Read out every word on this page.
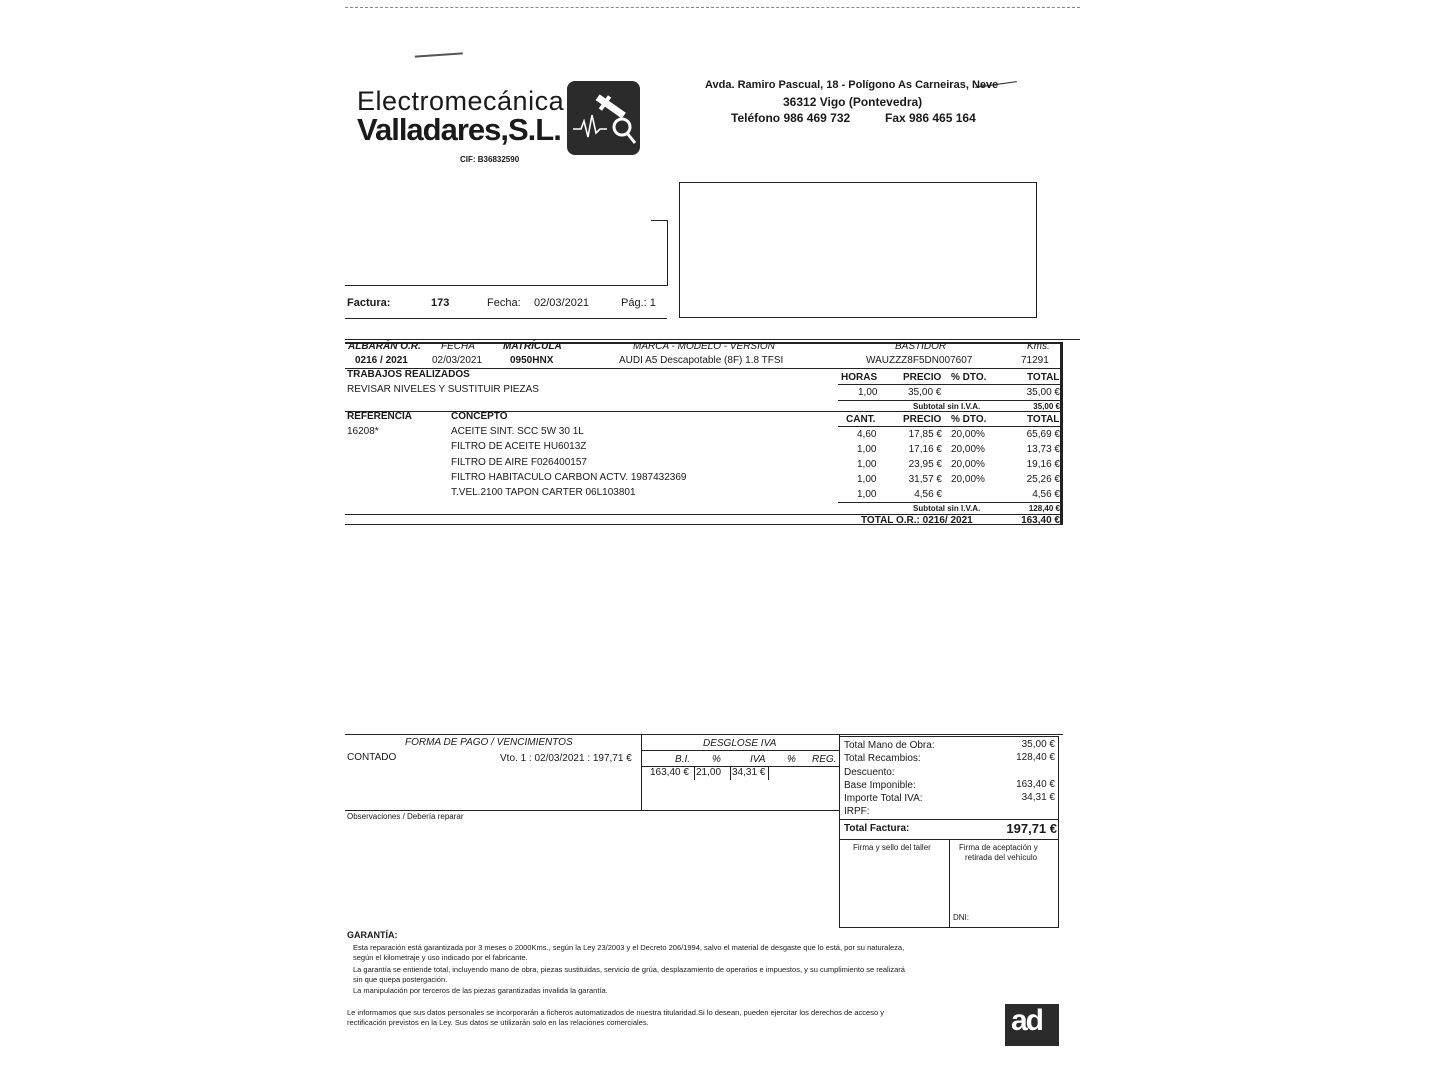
Electromecánica
Valladares,S.L.
CIF: B36832590
Avda. Ramiro Pascual, 18 - Polígono As Carneiras, Neve
36312 Vigo (Pontevedra)
Teléfono 986 469 732	Fax 986 465 164
Factura:	173	Fecha: 02/03/2021	Pág.: 1
ALBARÁN O.R. FECHA	MATRÍCULA	MARCA - MODELO - VERSION	BASTIDOR	Kms.
0216 / 2021 02/03/2021	0950HNX	AUDI A5 Descapotable (8F) 1.8 TFSI	WAUZZZ8F5DN007607	71291
TRABAJOS REALIZADOS	HORAS	PRECIO % DTO.	TOTAL
REVISAR NIVELES Y SUSTITUIR PIEZAS	1,00	35,00 €	35,00 €
Subtotal sin I.V.A.	35,00 €
REFERENCIA	CONCEPTO	CANT.	PRECIO % DTO.	TOTAL
16208*	ACEITE SINT. SCC 5W 30 1L	4,60	17,85 € 20,00%	65,69 €
FILTRO DE ACEITE HU6013Z	1,00	17,16 € 20,00%	13,73 €
FILTRO DE AIRE F026400157	1,00	23,95 € 20,00%	19,16 €
FILTRO HABITACULO CARBON ACTV. 1987432369	1,00	31,57 € 20,00%	25,26 €
T.VEL.2100 TAPON CARTER 06L103801	1,00	4,56 €	4,56 €
Subtotal sin I.V.A.	128,40 €
TOTAL O.R.: 0216/ 2021	163,40 €
FORMA DE PAGO / VENCIMIENTOS
CONTADO	Vto. 1 : 02/03/2021 : 197,71 €
DESGLOSE IVA
B.I. %	IVA % REG.
163,40 € 21,00 34,31 €
Observaciones / Debería reparar
Total Mano de Obra:	35,00 €
Total Recambios:	128,40 €
Descuento:
Base Imponible:	163,40 €
Importe Total IVA:	34,31 €
IRPF:
Total Factura:	197,71 €
Firma y sello del taller	Firma de aceptación y
retirada del vehículo
DNI:
GARANTÍA:
Esta reparación está garantizada por 3 meses o 2000Kms., según la Ley 23/2003 y el Decreto 206/1994, salvo el material de desgaste que lo está, por su naturaleza,
según el kilometraje y uso indicado por el fabricante.
La garantía se entiende total, incluyendo mano de obra, piezas sustituidas, servicio de grúa, desplazamiento de operarios e impuestos, y su cumplimiento se realizará
sin que quepa postergación.
La manipulación por terceros de las piezas garantizadas invalida la garantía.
Le informamos que sus datos personales se incorporarán a ficheros automatizados de nuestra titularidad.Si lo desean, pueden ejercitar los derechos de acceso y
rectificación previstos en la Ley. Sus datos se utilizarán solo en las relaciones comerciales.	ad
